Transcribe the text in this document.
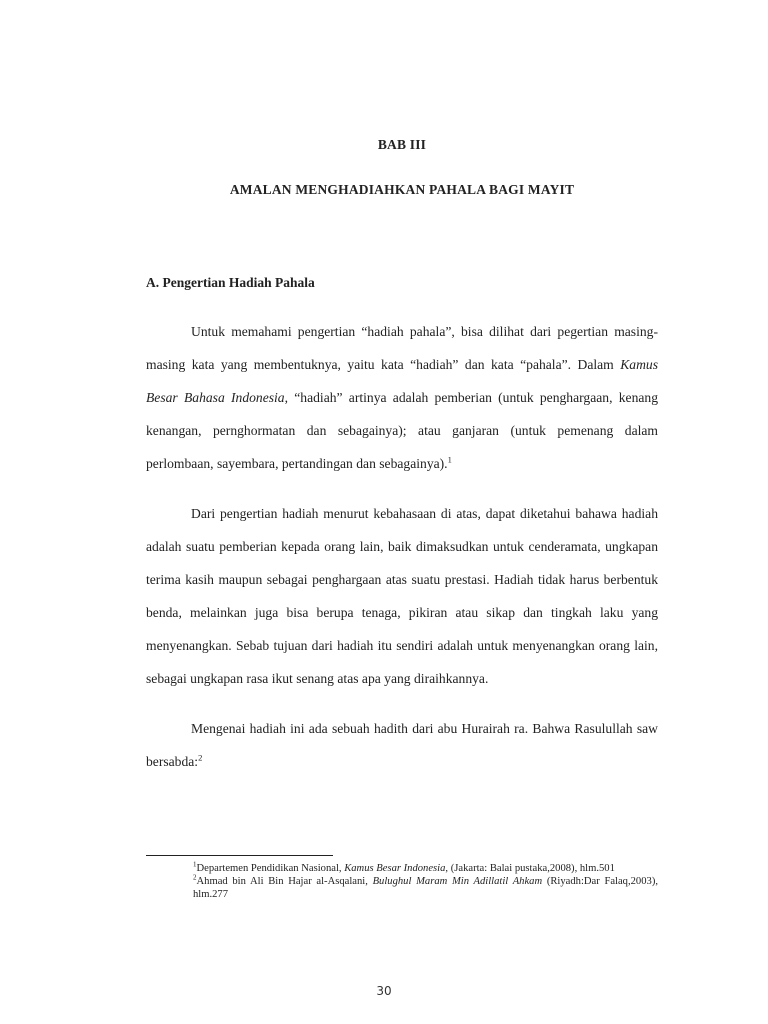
BAB III
AMALAN MENGHADIAHKAN PAHALA BAGI MAYIT
A. Pengertian Hadiah Pahala

Untuk memahami pengertian “hadiah pahala”, bisa dilihat dari pegertian masing-masing kata yang membentuknya, yaitu kata “hadiah” dan kata “pahala”. Dalam Kamus Besar Bahasa Indonesia, “hadiah” artinya adalah pemberian (untuk penghargaan, kenang kenangan, pernghormatan dan sebagainya); atau ganjaran (untuk pemenang dalam perlombaan, sayembara, pertandingan dan sebagainya).$^1$

Dari pengertian hadiah menurut kebahasaan di atas, dapat diketahui bahawa hadiah adalah suatu pemberian kepada orang lain, baik dimaksudkan untuk cenderamata, ungkapan terima kasih maupun sebagai penghargaan atas suatu prestasi. Hadiah tidak harus berbentuk benda, melainkan juga bisa berupa tenaga, pikiran atau sikap dan tingkah laku yang menyenangkan. Sebab tujuan dari hadiah itu sendiri adalah untuk menyenangkan orang lain, sebagai ungkapan rasa ikut senang atas apa yang diraihkannya.

Mengenai hadiah ini ada sebuah hadith dari abu Hurairah ra. Bahwa Rasulullah saw bersabda:$^2$

$^1$Departemen Pendidikan Nasional, Kamus Besar Indonesia, (Jakarta: Balai pustaka,2008), hlm.501

$^2$Ahmad bin Ali Bin Hajar al-Asqalani, Bulughul Maram Min Adillatil Ahkam (Riyadh:Dar Falaq,2003), hlm.277

30
